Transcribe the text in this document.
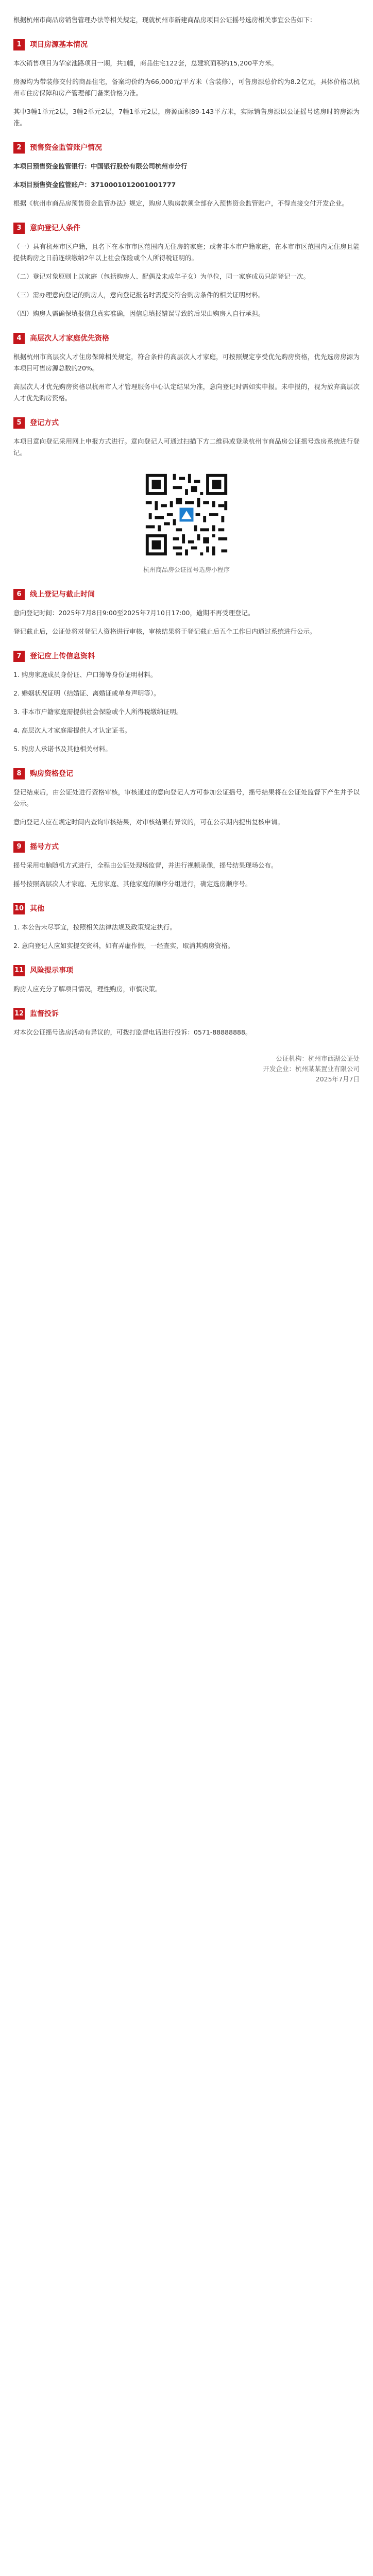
根据杭州市商品房销售管理办法等相关规定，现就杭州市新建商品房项目公证摇号选房相关事宜公告如下：

1	项目房源基本情况

本次销售项目为华家池路项目一期，共1幢，商品住宅122套，总建筑面积约15,200平方米。

房源均为带装修交付的商品住宅，备案均价约为66,000元/平方米（含装修），可售房源总价约为8.2亿元，具体价格以杭州市住房保障和房产管理部门备案价格为准。

其中3幢1单元2层，3幢2单元2层，7幢1单元2层，房源面积89-143平方米，实际销售房源以公证摇号选房时的房源为准。

2	预售资金监管账户情况

本项目预售资金监管银行：中国银行股份有限公司杭州市分行

本项目预售资金监管账户：3710001012001001777

根据《杭州市商品房预售资金监管办法》规定，购房人购房款须全部存入预售资金监管账户，不得直接交付开发企业。

3	意向登记人条件

（一）具有杭州市区户籍，且名下在本市市区范围内无住房的家庭；或者非本市户籍家庭，在本市市区范围内无住房且能提供购房之日前连续缴纳2年以上社会保险或个人所得税证明的。

（二）登记对象原则上以家庭（包括购房人、配偶及未成年子女）为单位，同一家庭成员只能登记一次。

（三）需办理意向登记的购房人，意向登记报名时需提交符合购房条件的相关证明材料。

（四）购房人需确保填报信息真实准确，因信息填报错误导致的后果由购房人自行承担。

4	高层次人才家庭优先资格

根据杭州市高层次人才住房保障相关规定，符合条件的高层次人才家庭，可按照规定享受优先购房资格，优先选房房源为本项目可售房源总数的20%。

高层次人才优先购房资格以杭州市人才管理服务中心认定结果为准，意向登记时需如实申报。未申报的，视为放弃高层次人才优先购房资格。

5	登记方式

本项目意向登记采用网上申报方式进行。意向登记人可通过扫描下方二维码或登录杭州市商品房公证摇号选房系统进行登记。

杭州商品房公证摇号选房小程序
6	线上登记与截止时间

意向登记时间：2025年7月8日9:00至2025年7月10日17:00，逾期不再受理登记。

登记截止后，公证处将对登记人资格进行审核，审核结果将于登记截止后五个工作日内通过系统进行公示。

7	登记应上传信息资料

1. 购房家庭成员身份证、户口簿等身份证明材料。

2. 婚姻状况证明（结婚证、离婚证或单身声明等）。

3. 非本市户籍家庭需提供社会保险或个人所得税缴纳证明。

4. 高层次人才家庭需提供人才认定证书。

5. 购房人承诺书及其他相关材料。

8	购房资格登记

登记结束后，由公证处进行资格审核，审核通过的意向登记人方可参加公证摇号，摇号结果将在公证处监督下产生并予以公示。

意向登记人应在规定时间内查询审核结果，对审核结果有异议的，可在公示期内提出复核申请。

9	摇号方式

摇号采用电脑随机方式进行，全程由公证处现场监督，并进行视频录像，摇号结果现场公布。

摇号按照高层次人才家庭、无房家庭、其他家庭的顺序分组进行，确定选房顺序号。

10 其他

1. 本公告未尽事宜，按照相关法律法规及政策规定执行。

2. 意向登记人应如实提交资料，如有弄虚作假，一经查实，取消其购房资格。

11 风险提示事项

购房人应充分了解项目情况，理性购房，审慎决策。

12 监督投诉

对本次公证摇号选房活动有异议的，可拨打监督电话进行投诉：0571-88888888。

公证机构：杭州市西湖公证处
开发企业：杭州某某置业有限公司
2025年7月7日
